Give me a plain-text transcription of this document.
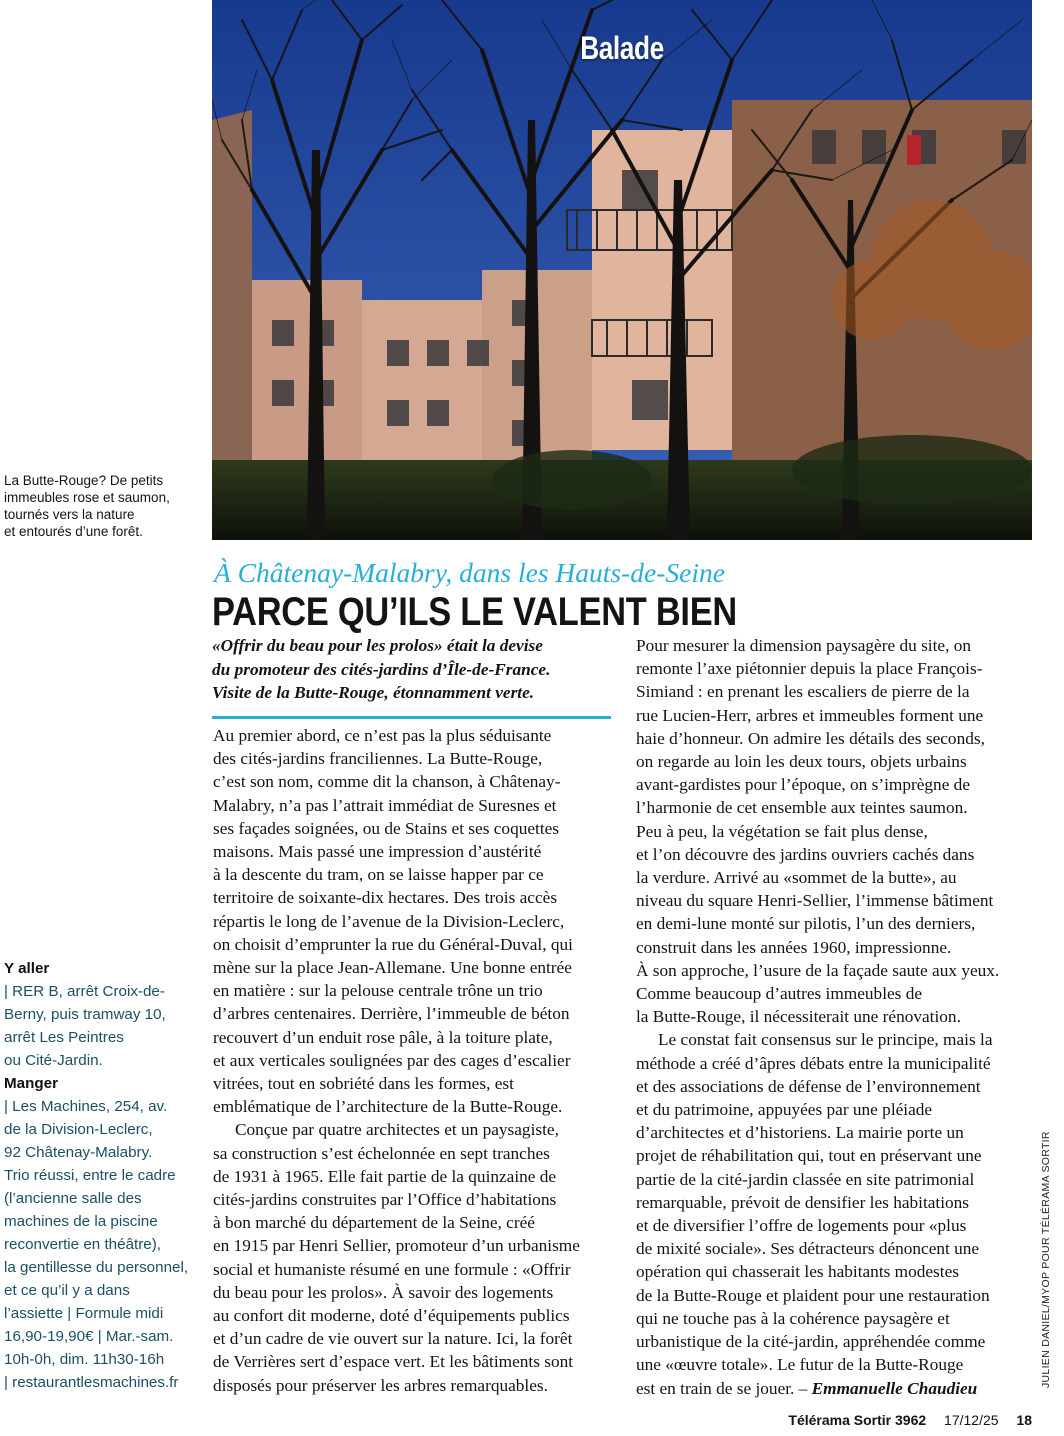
Balade
La Butte-Rouge? De petits
immeubles rose et saumon,
tournés vers la nature
et entourés d’une forêt.
À Châtenay-Malabry, dans les Hauts-de-Seine
PARCE QU’ILS LE VALENT BIEN
«Offrir du beau pour les prolos» était la devise
du promoteur des cités-jardins d’Île-de-France.
Visite de la Butte-Rouge, étonnamment verte.
Au premier abord, ce n’est pas la plus séduisante
des cités-jardins franciliennes. La Butte-Rouge,
c’est son nom, comme dit la chanson, à Châtenay-
Malabry, n’a pas l’attrait immédiat de Suresnes et
ses façades soignées, ou de Stains et ses coquettes
maisons. Mais passé une impression d’austérité
à la descente du tram, on se laisse happer par ce
territoire de soixante-dix hectares. Des trois accès
répartis le long de l’avenue de la Division-Leclerc,
on choisit d’emprunter la rue du Général-Duval, qui
mène sur la place Jean-Allemane. Une bonne entrée
en matière : sur la pelouse centrale trône un trio
d’arbres centenaires. Derrière, l’immeuble de béton
recouvert d’un enduit rose pâle, à la toiture plate,
et aux verticales soulignées par des cages d’escalier
vitrées, tout en sobriété dans les formes, est
emblématique de l’architecture de la Butte-Rouge.
Conçue par quatre architectes et un paysagiste,
sa construction s’est échelonnée en sept tranches
de 1931 à 1965. Elle fait partie de la quinzaine de
cités-jardins construites par l’Office d’habitations
à bon marché du département de la Seine, créé
en 1915 par Henri Sellier, promoteur d’un urbanisme
social et humaniste résumé en une formule : «Offrir
du beau pour les prolos». À savoir des logements
au confort dit moderne, doté d’équipements publics
et d’un cadre de vie ouvert sur la nature. Ici, la forêt
de Verrières sert d’espace vert. Et les bâtiments sont
disposés pour préserver les arbres remarquables.
Pour mesurer la dimension paysagère du site, on
remonte l’axe piétonnier depuis la place François-
Simiand : en prenant les escaliers de pierre de la
rue Lucien-Herr, arbres et immeubles forment une
haie d’honneur. On admire les détails des seconds,
on regarde au loin les deux tours, objets urbains
avant-gardistes pour l’époque, on s’imprègne de
l’harmonie de cet ensemble aux teintes saumon.
Peu à peu, la végétation se fait plus dense,
et l’on découvre des jardins ouvriers cachés dans
la verdure. Arrivé au «sommet de la butte», au
niveau du square Henri-Sellier, l’immense bâtiment
en demi-lune monté sur pilotis, l’un des derniers,
construit dans les années 1960, impressionne.
À son approche, l’usure de la façade saute aux yeux.
Comme beaucoup d’autres immeubles de
la Butte-Rouge, il nécessiterait une rénovation.
Le constat fait consensus sur le principe, mais la
méthode a créé d’âpres débats entre la municipalité
et des associations de défense de l’environnement
et du patrimoine, appuyées par une pléiade
d’architectes et d’historiens. La mairie porte un
projet de réhabilitation qui, tout en préservant une
partie de la cité-jardin classée en site patrimonial
remarquable, prévoit de densifier les habitations
et de diversifier l’offre de logements pour «plus
de mixité sociale». Ses détracteurs dénoncent une
opération qui chasserait les habitants modestes
de la Butte-Rouge et plaident pour une restauration
qui ne touche pas à la cohérence paysagère et
urbanistique de la cité-jardin, appréhendée comme
une «œuvre totale». Le futur de la Butte-Rouge
est en train de se jouer. – Emmanuelle Chaudieu
Y aller
| RER B, arrêt Croix-de-
Berny, puis tramway 10,
arrêt Les Peintres
ou Cité-Jardin.
Manger
| Les Machines, 254, av.
de la Division-Leclerc,
92 Châtenay-Malabry.
Trio réussi, entre le cadre
(l’ancienne salle des
machines de la piscine
reconvertie en théâtre),
la gentillesse du personnel,
et ce qu’il y a dans
l’assiette | Formule midi
16,90-19,90€ | Mar.-sam.
10h-0h, dim. 11h30-16h
| restaurantlesmachines.fr	JULIEN DANIEL/MYOP POUR TÉLÉRAMA SORTIR
Télérama Sortir 3962 17/12/25 18
